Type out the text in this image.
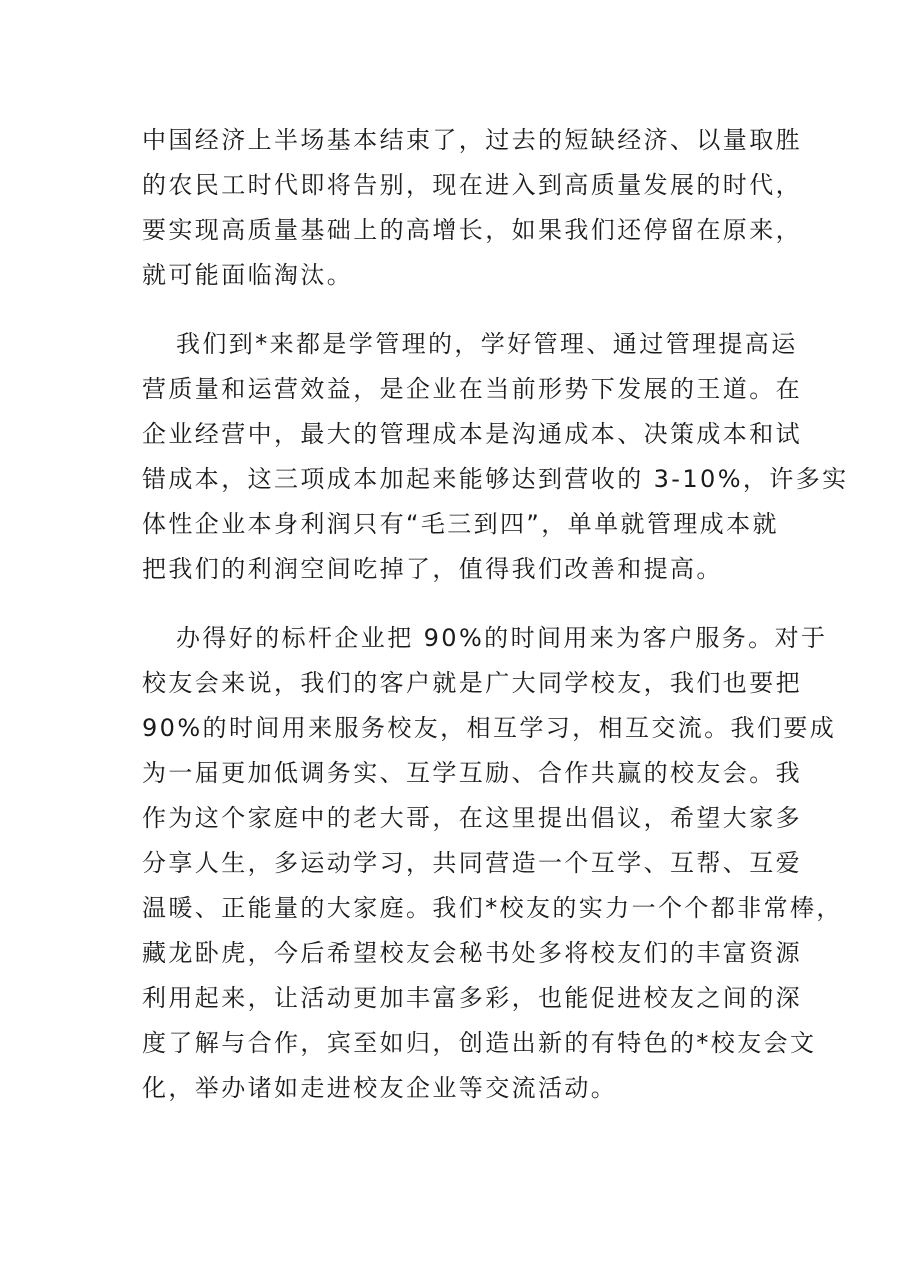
中国经济上半场基本结束了，过去的短缺经济、以量取胜
的农民工时代即将告别，现在进入到高质量发展的时代，
要实现高质量基础上的高增长，如果我们还停留在原来，
就可能面临淘汰。

我们到*来都是学管理的，学好管理、通过管理提高运
营质量和运营效益，是企业在当前形势下发展的王道。在
企业经营中，最大的管理成本是沟通成本、决策成本和试
错成本，这三项成本加起来能够达到营收的 3-10%，许多实
体性企业本身利润只有“毛三到四”，单单就管理成本就
把我们的利润空间吃掉了，值得我们改善和提高。

办得好的标杆企业把 90%的时间用来为客户服务。对于
校友会来说，我们的客户就是广大同学校友，我们也要把
90%的时间用来服务校友，相互学习，相互交流。我们要成
为一届更加低调务实、互学互励、合作共赢的校友会。我
作为这个家庭中的老大哥，在这里提出倡议，希望大家多
分享人生，多运动学习，共同营造一个互学、互帮、互爱
温暖、正能量的大家庭。我们*校友的实力一个个都非常棒，
藏龙卧虎，今后希望校友会秘书处多将校友们的丰富资源
利用起来，让活动更加丰富多彩，也能促进校友之间的深
度了解与合作，宾至如归，创造出新的有特色的*校友会文
化，举办诸如走进校友企业等交流活动。
